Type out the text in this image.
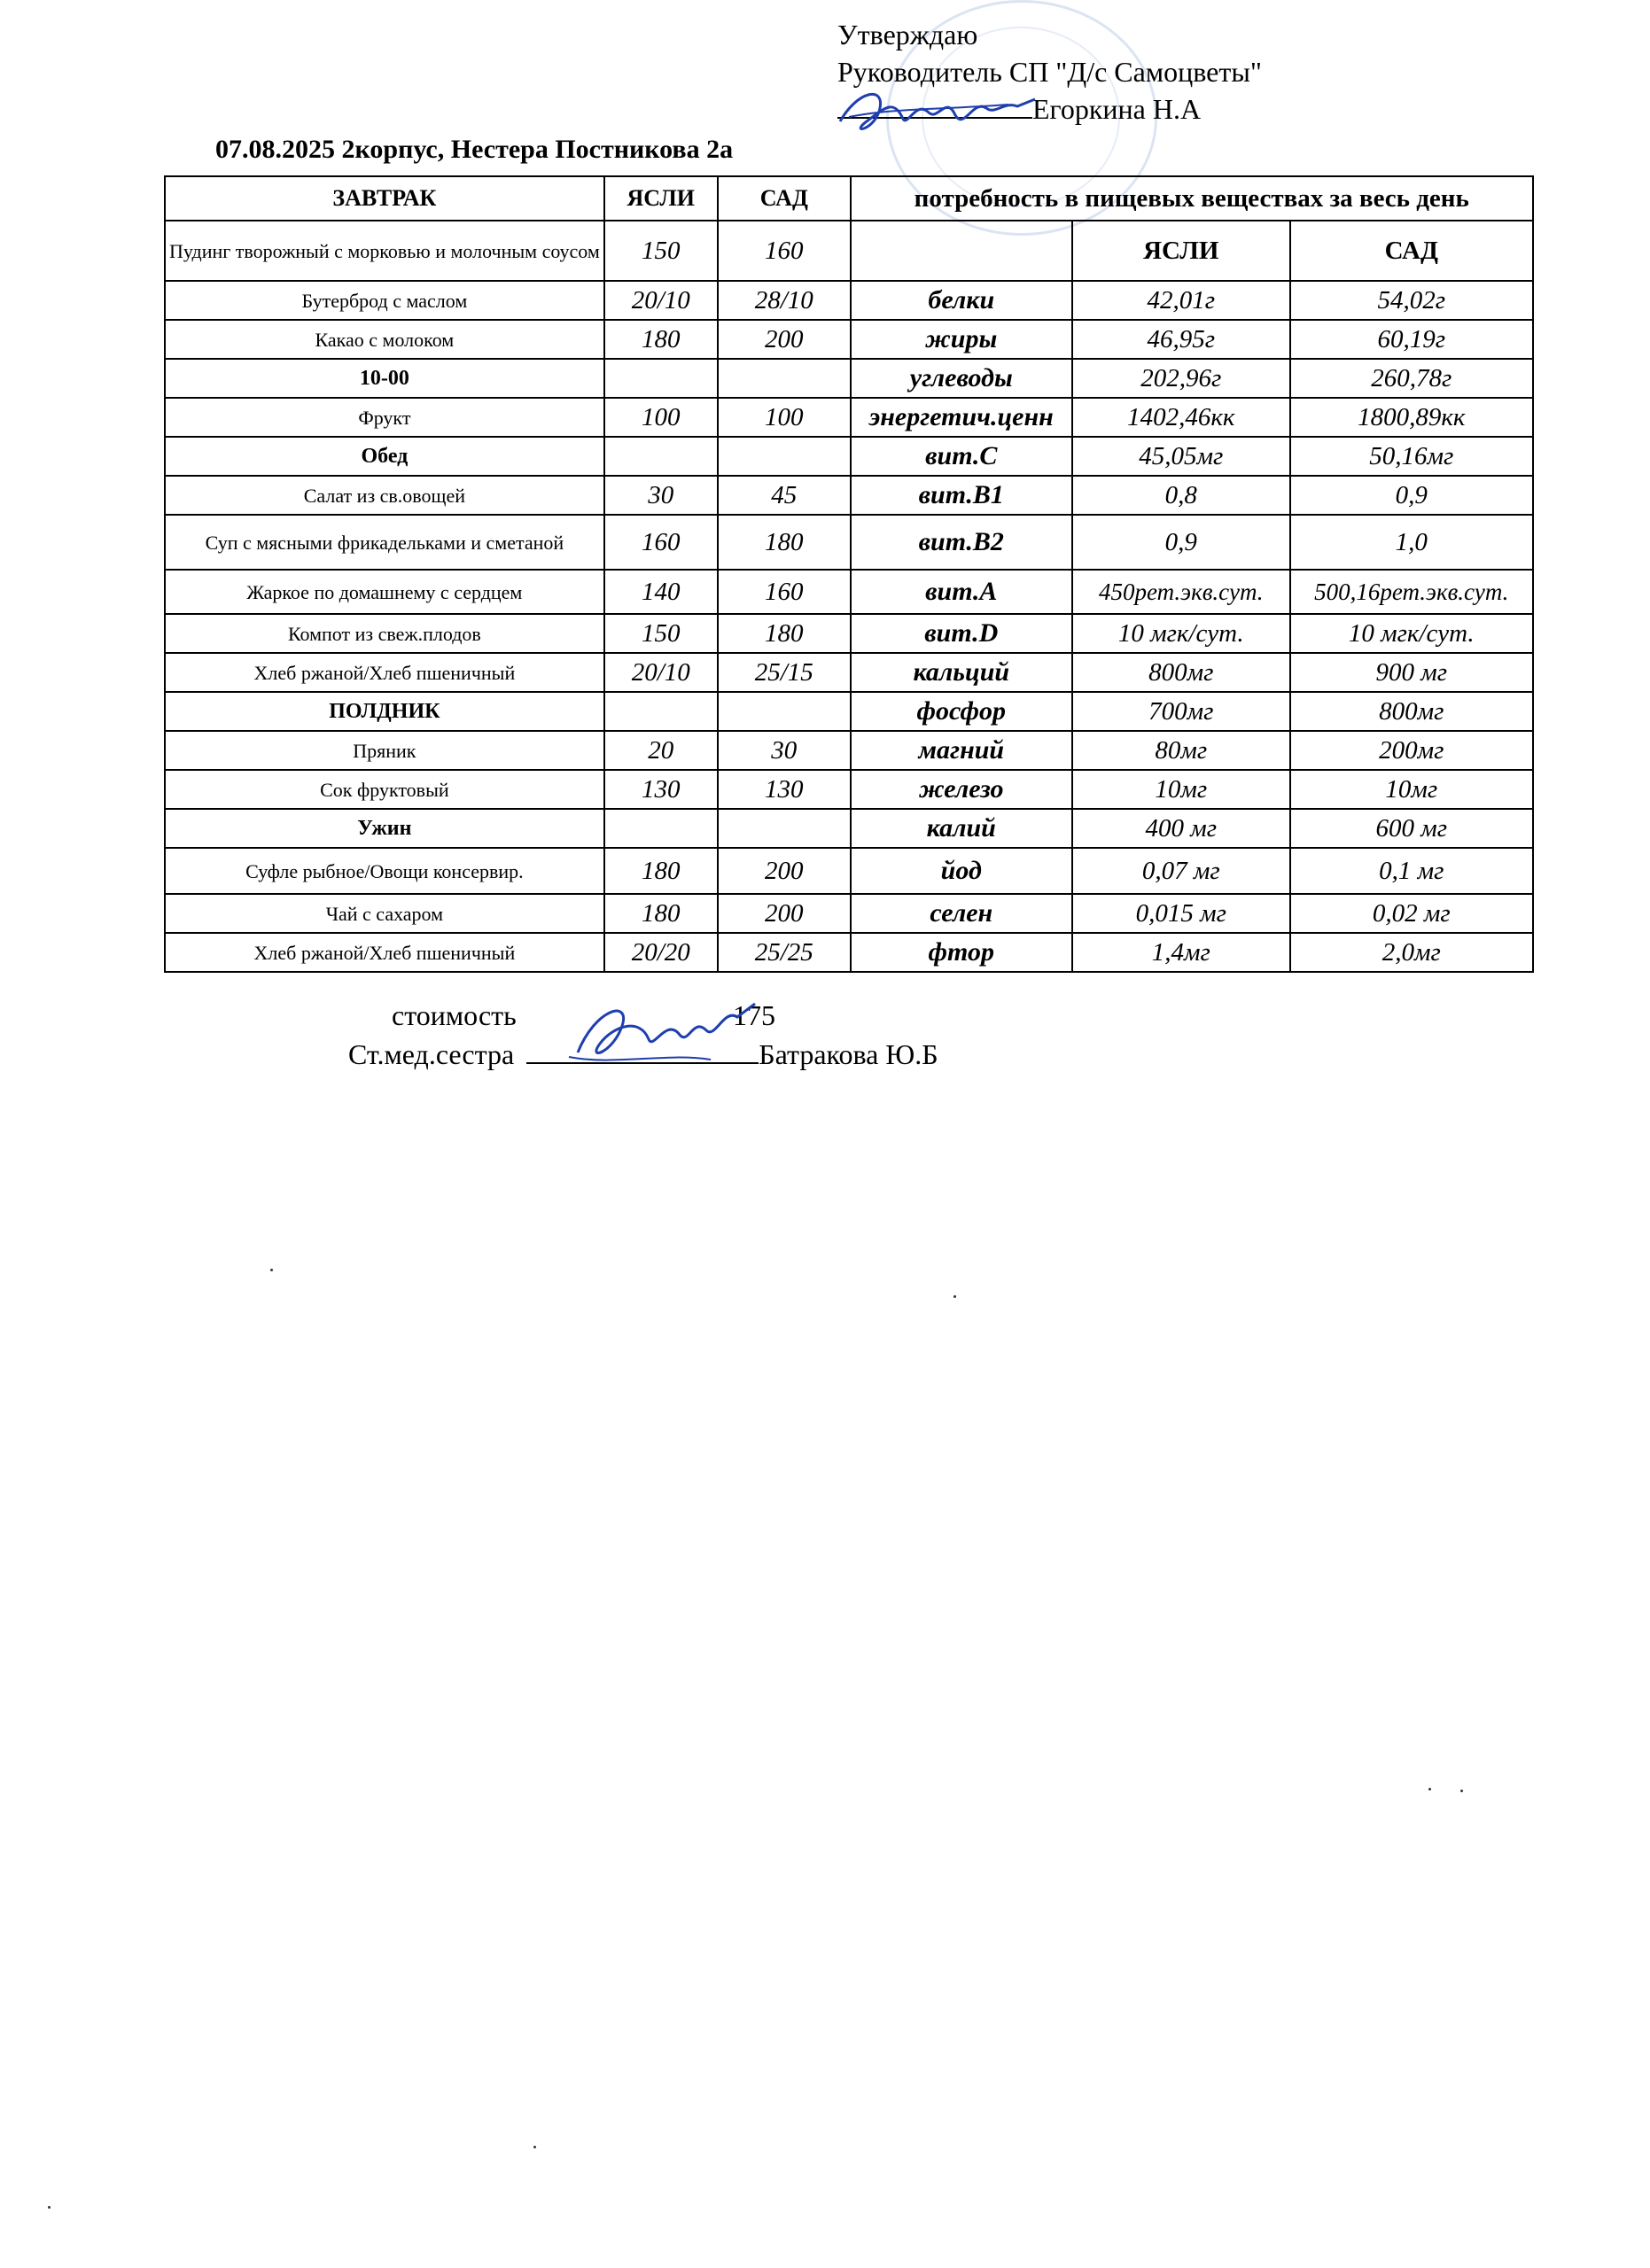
Утверждаю
Руководитель СП "Д/с Самоцветы"
Егоркина Н.А
07.08.2025 2корпус, Нестера Постникова 2а
ЗАВТРАК	ЯСЛИ	САД	потребность в пищевых веществах за весь день		
Пудинг творожный с морковью и молочным соусом	150	160		ЯСЛИ	САД
Бутерброд с маслом	20/10	28/10	белки	42,01г	54,02г
Какао с молоком	180	200	жиры	46,95г	60,19г
10-00			углеводы	202,96г	260,78г
Фрукт	100	100	энергетич.ценн	1402,46кк	1800,89кк
Обед			вит.С	45,05мг	50,16мг
Салат из св.овощей	30	45	вит.В1	0,8	0,9
Суп с мясными фрикадельками и сметаной	160	180	вит.В2	0,9	1,0
Жаркое по домашнему с сердцем	140	160	вит.А	450рет.экв.сут.	500,16рет.экв.сут.
Компот из свеж.плодов	150	180	вит.D	10 мгк/сут.	10 мгк/сут.
Хлеб ржаной/Хлеб пшеничный	20/10	25/15	кальций	800мг	900 мг
ПОЛДНИК			фосфор	700мг	800мг
Пряник	20	30	магний	80мг	200мг
Сок фруктовый	130	130	железо	10мг	10мг
Ужин			калий	400 мг	600 мг
Суфле рыбное/Овощи консервир.	180	200	йод	0,07 мг	0,1 мг
Чай с сахаром	180	200	селен	0,015 мг	0,02 мг
Хлеб ржаной/Хлеб пшеничный	20/20	25/25	фтор	1,4мг	2,0мг
стоимость	175
Ст.мед.сестра	Батракова Ю.Б
